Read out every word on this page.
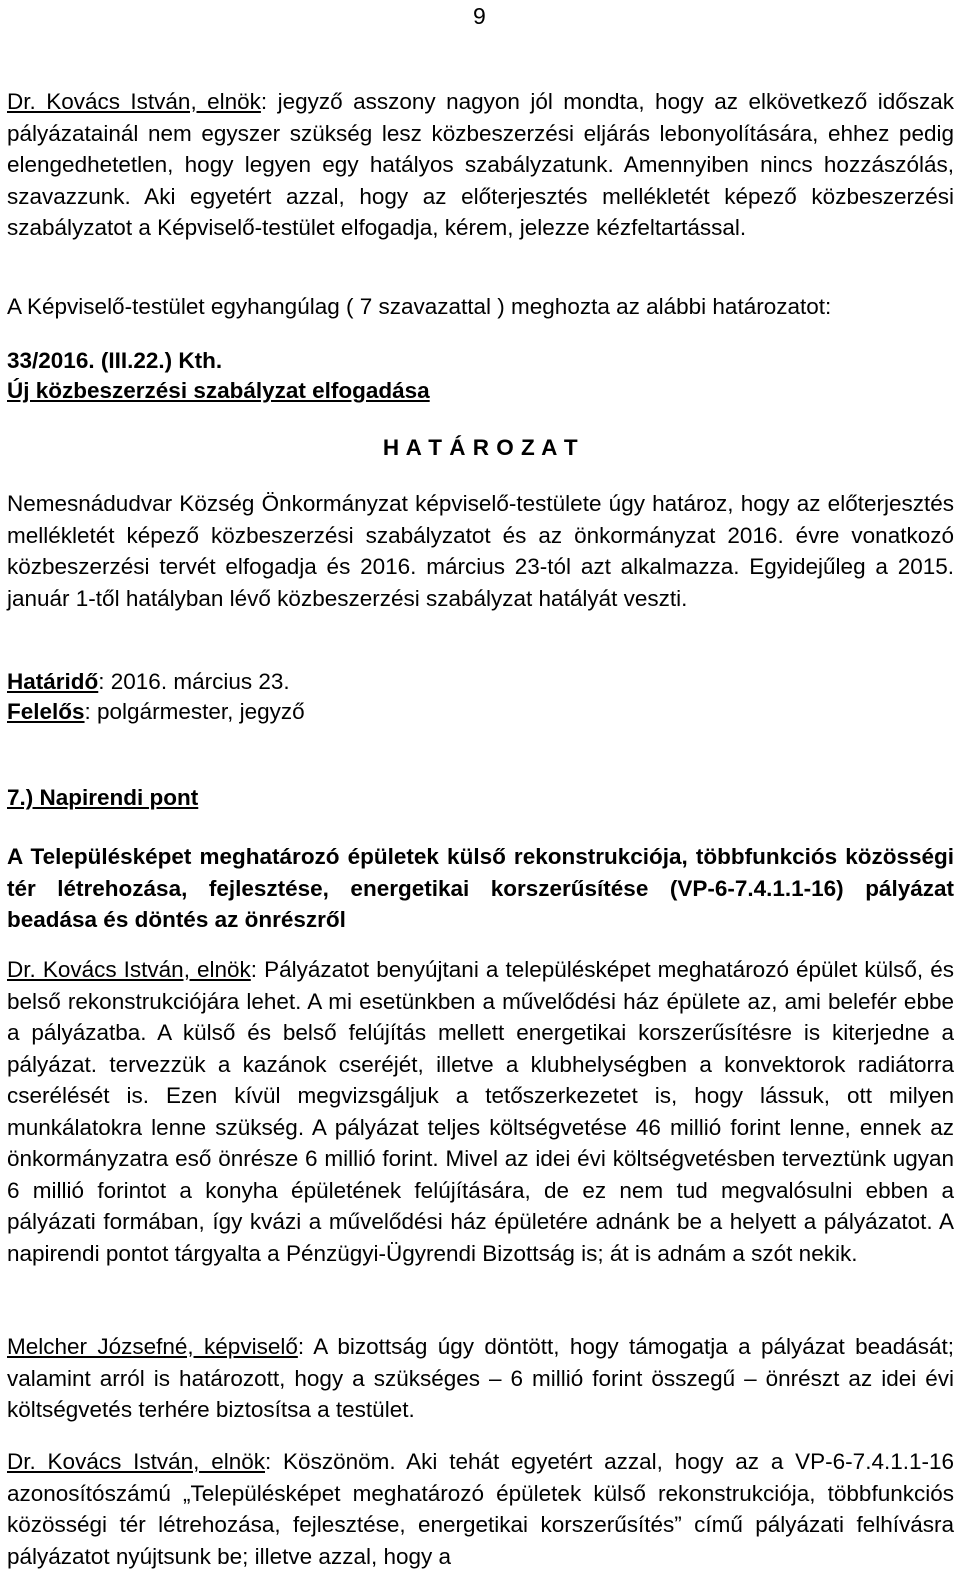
9

Dr. Kovács István, elnök: jegyző asszony nagyon jól mondta, hogy az elkövetkező időszak pályázatainál nem egyszer szükség lesz közbeszerzési eljárás lebonyolítására, ehhez pedig elengedhetetlen, hogy legyen egy hatályos szabályzatunk. Amennyiben nincs hozzászólás, szavazzunk. Aki egyetért azzal, hogy az előterjesztés mellékletét képező közbeszerzési szabályzatot a Képviselő-testület elfogadja, kérem, jelezze kézfeltartással.

A Képviselő-testület egyhangúlag ( 7 szavazattal ) meghozta az alábbi határozatot:

33/2016. (III.22.) Kth.
Új közbeszerzési szabályzat elfogadása
H A T Á R O Z A T

Nemesnádudvar Község Önkormányzat képviselő-testülete úgy határoz, hogy az előterjesztés mellékletét képező közbeszerzési szabályzatot és az önkormányzat 2016. évre vonatkozó közbeszerzési tervét elfogadja és 2016. március 23-tól azt alkalmazza. Egyidejűleg a 2015. január 1-től hatályban lévő közbeszerzési szabályzat hatályát veszti.

Határidő: 2016. március 23.
Felelős: polgármester, jegyző
7.) Napirendi pont

A Településképet meghatározó épületek külső rekonstrukciója, többfunkciós közösségi tér létrehozása, fejlesztése, energetikai korszerűsítése (VP-6-7.4.1.1-16) pályázat beadása és döntés az önrészről

Dr. Kovács István, elnök: Pályázatot benyújtani a településképet meghatározó épület külső, és belső rekonstrukciójára lehet. A mi esetünkben a művelődési ház épülete az, ami belefér ebbe a pályázatba. A külső és belső felújítás mellett energetikai korszerűsítésre is kiterjedne a pályázat. tervezzük a kazánok cseréjét, illetve a klubhelységben a konvektorok radiátorra cserélését is. Ezen kívül megvizsgáljuk a tetőszerkezetet is, hogy lássuk, ott milyen munkálatokra lenne szükség. A pályázat teljes költségvetése 46 millió forint lenne, ennek az önkormányzatra eső önrésze 6 millió forint. Mivel az idei évi költségvetésben terveztünk ugyan 6 millió forintot a konyha épületének felújítására, de ez nem tud megvalósulni ebben a pályázati formában, így kvázi a művelődési ház épületére adnánk be a helyett a pályázatot. A napirendi pontot tárgyalta a Pénzügyi-Ügyrendi Bizottság is; át is adnám a szót nekik.

Melcher Józsefné, képviselő: A bizottság úgy döntött, hogy támogatja a pályázat beadását; valamint arról is határozott, hogy a szükséges – 6 millió forint összegű – önrészt az idei évi költségvetés terhére biztosítsa a testület.

Dr. Kovács István, elnök: Köszönöm. Aki tehát egyetért azzal, hogy az a VP-6-7.4.1.1-16 azonosítószámú „Településképet meghatározó épületek külső rekonstrukciója, többfunkciós közösségi tér létrehozása, fejlesztése, energetikai korszerűsítés” című pályázati felhívásra pályázatot nyújtsunk be; illetve azzal, hogy a
